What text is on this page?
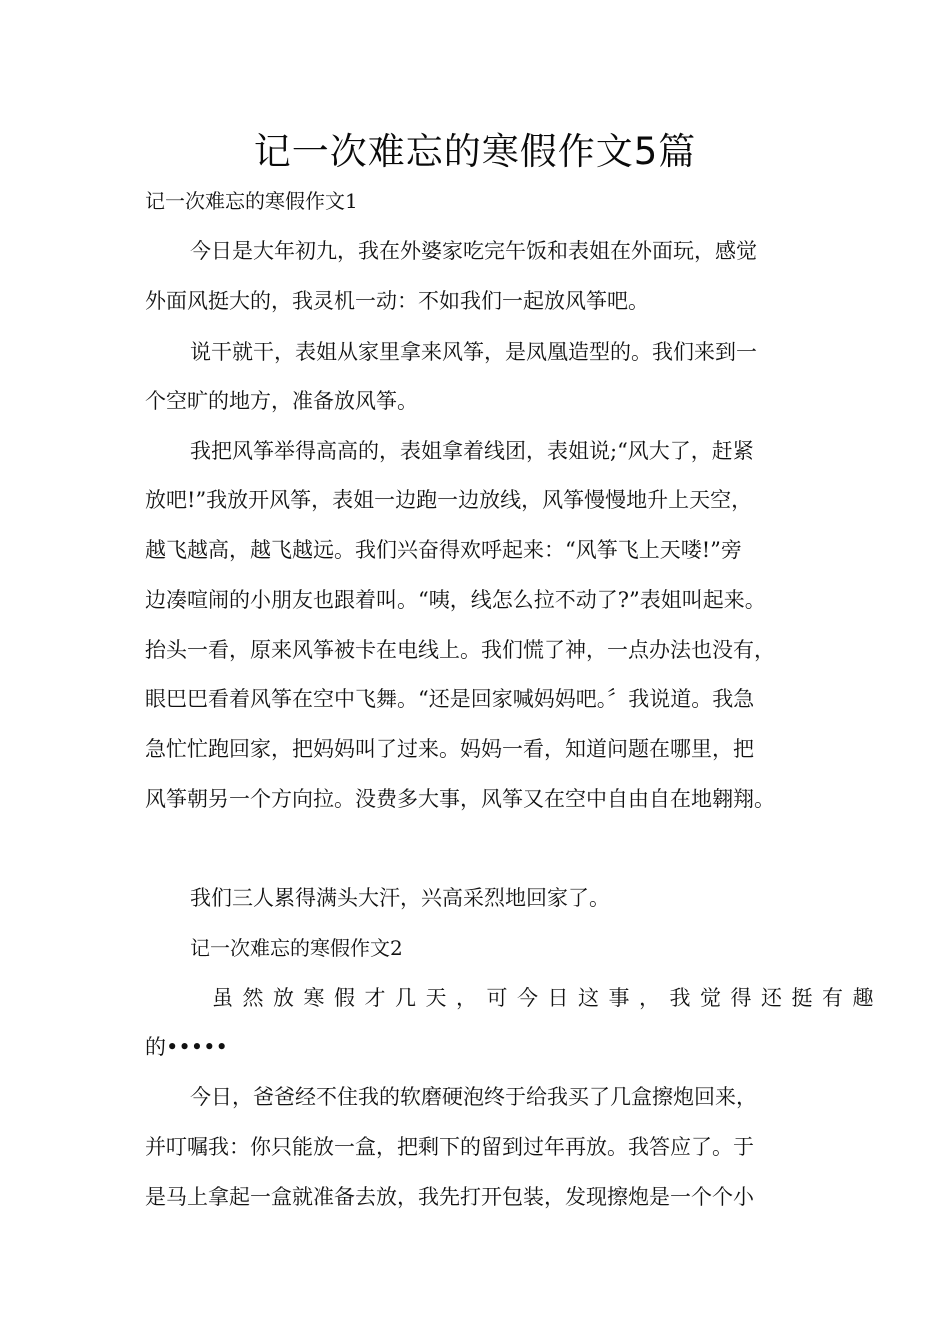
记一次难忘的寒假作文5篇
记一次难忘的寒假作文1
今日是大年初九，我在外婆家吃完午饭和表姐在外面玩，感觉
外面风挺大的，我灵机一动：不如我们一起放风筝吧。
说干就干，表姐从家里拿来风筝，是凤凰造型的。我们来到一
个空旷的地方，准备放风筝。
我把风筝举得高高的，表姐拿着线团，表姐说;“风大了，赶紧
放吧!”我放开风筝，表姐一边跑一边放线，风筝慢慢地升上天空，
越飞越高，越飞越远。我们兴奋得欢呼起来：“风筝飞上天喽!”旁
边凑喧闹的小朋友也跟着叫。“咦，线怎么拉不动了?”表姐叫起来。
抬头一看，原来风筝被卡在电线上。我们慌了神，一点办法也没有，
眼巴巴看着风筝在空中飞舞。“还是回家喊妈妈吧。〞我说道。我急
急忙忙跑回家，把妈妈叫了过来。妈妈一看，知道问题在哪里，把
风筝朝另一个方向拉。没费多大事，风筝又在空中自由自在地翱翔。
我们三人累得满头大汗，兴高采烈地回家了。
记一次难忘的寒假作文2
虽然放寒假才几天，可今日这事，我觉得还挺有趣
的•••••
今日，爸爸经不住我的软磨硬泡终于给我买了几盒擦炮回来，
并叮嘱我：你只能放一盒，把剩下的留到过年再放。我答应了。于
是马上拿起一盒就准备去放，我先打开包装，发现擦炮是一个个小
